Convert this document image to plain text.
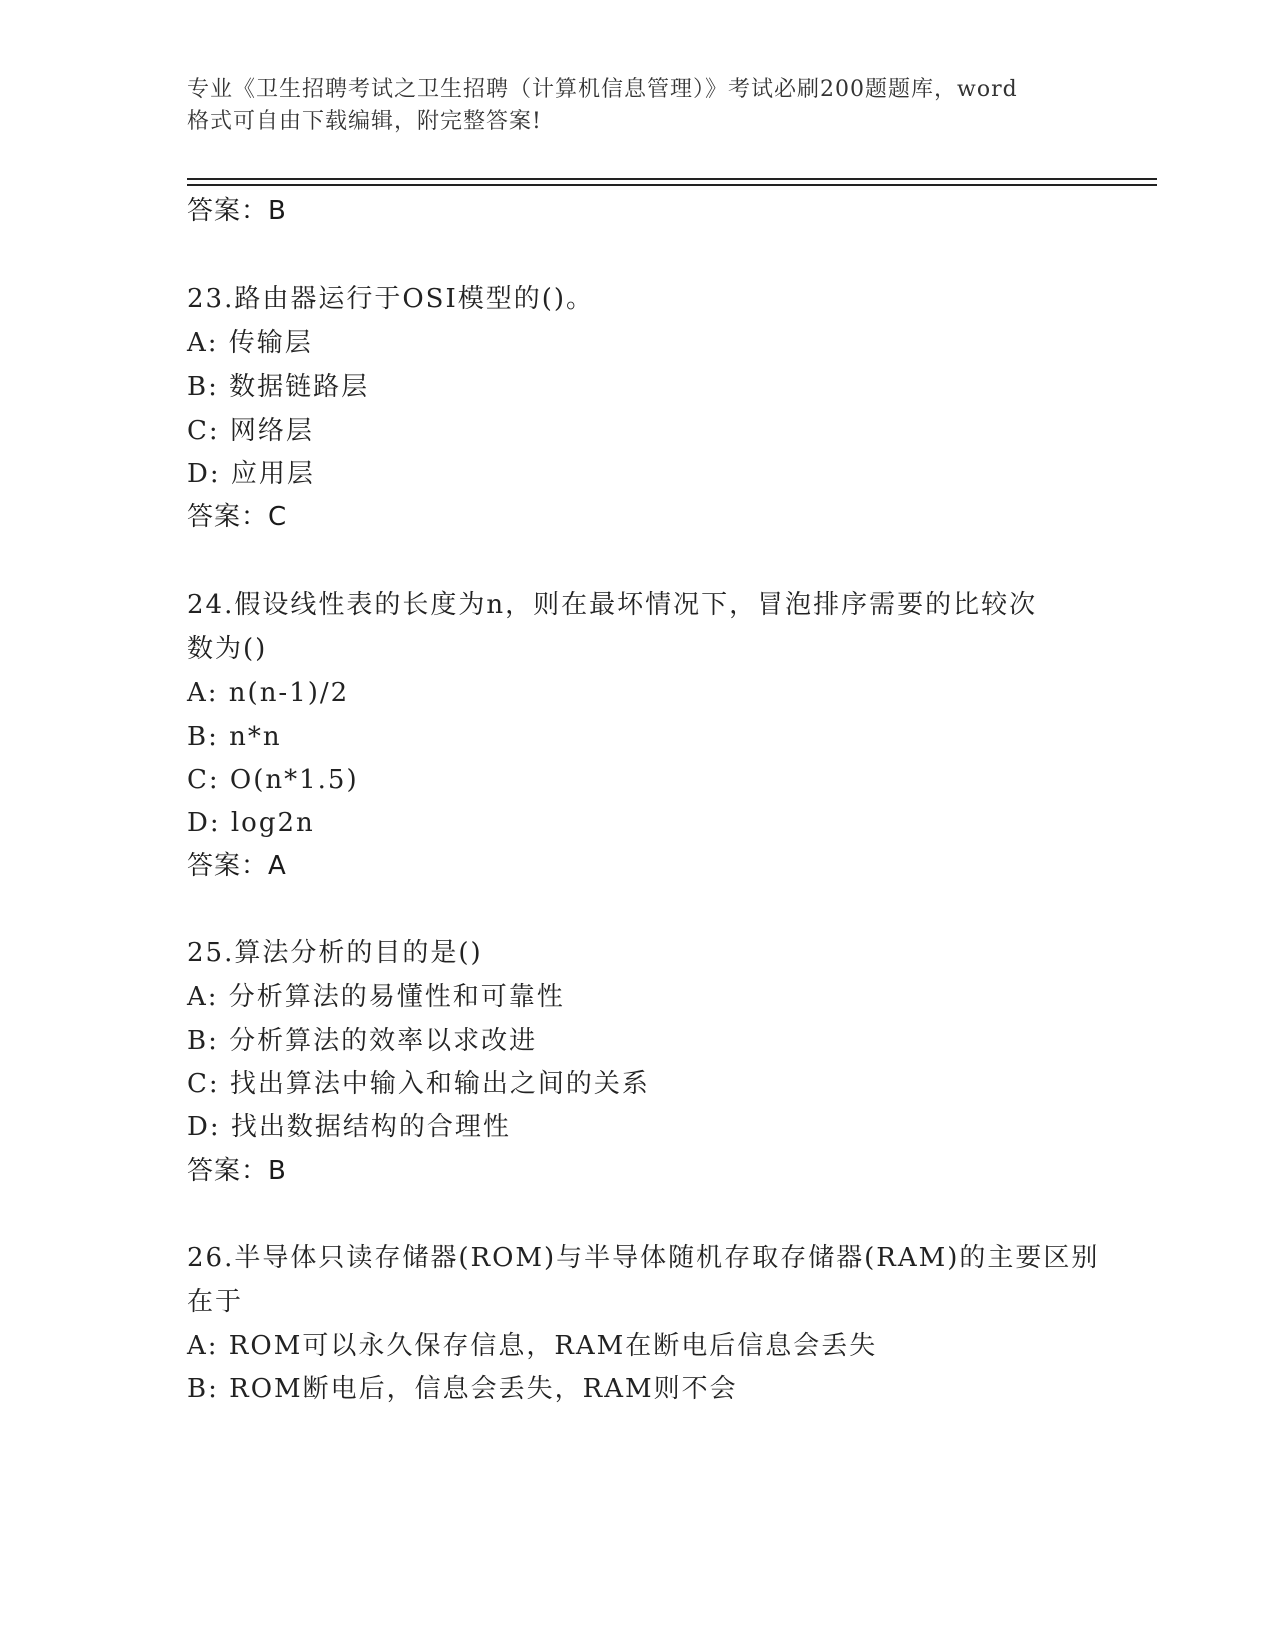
专业《卫生招聘考试之卫生招聘（计算机信息管理）》考试必刷200题题库，word
格式可自由下载编辑，附完整答案!
答案：B
23.路由器运行于OSI模型的()。
A: 传输层
B: 数据链路层
C: 网络层
D: 应用层
答案：C
24.假设线性表的长度为n，则在最坏情况下，冒泡排序需要的比较次
数为()
A: n(n-1)/2
B: n*n
C: O(n*1.5)
D: log2n
答案：A
25.算法分析的目的是()
A: 分析算法的易懂性和可靠性
B: 分析算法的效率以求改进
C: 找出算法中输入和输出之间的关系
D: 找出数据结构的合理性
答案：B
26.半导体只读存储器(ROM)与半导体随机存取存储器(RAM)的主要区别
在于
A: ROM可以永久保存信息，RAM在断电后信息会丢失
B: ROM断电后，信息会丢失，RAM则不会
